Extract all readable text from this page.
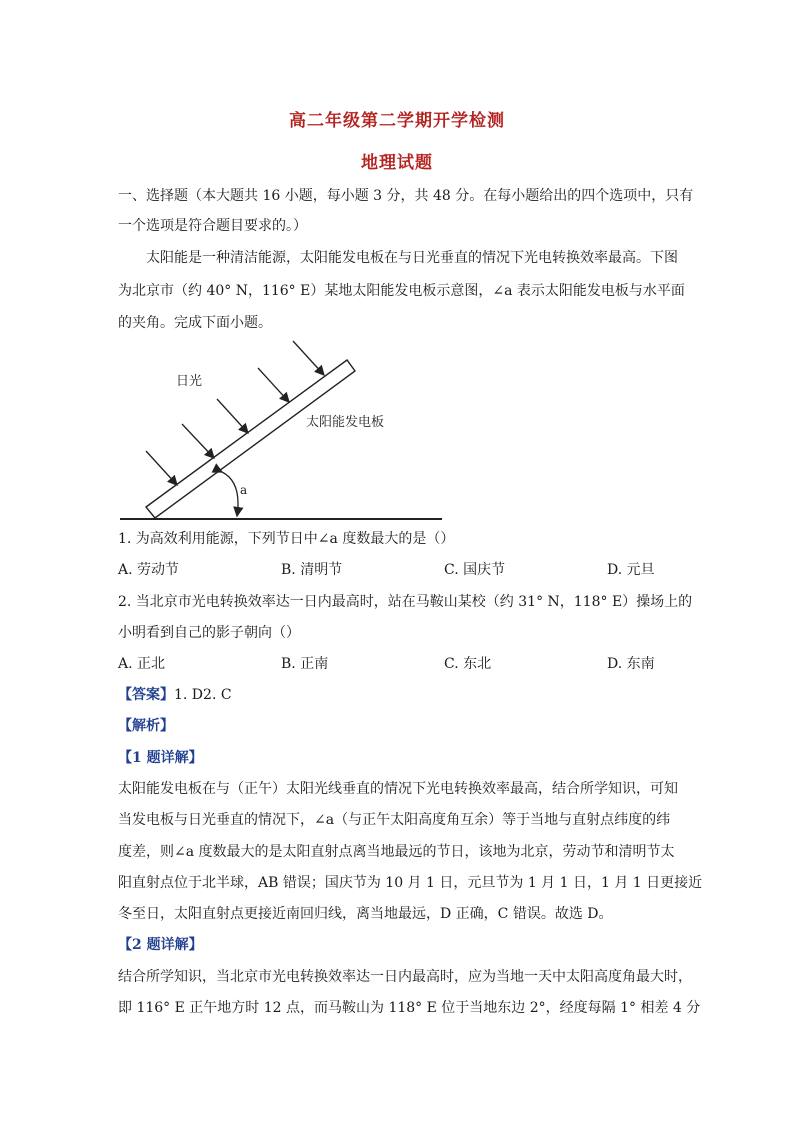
高二年级第二学期开学检测
地理试题
一、选择题（本大题共 16 小题，每小题 3 分，共 48 分。在每小题给出的四个选项中，只有
一个选项是符合题目要求的。）
太阳能是一种清洁能源，太阳能发电板在与日光垂直的情况下光电转换效率最高。下图
为北京市（约 40° N，116° E）某地太阳能发电板示意图，∠a 表示太阳能发电板与水平面
的夹角。完成下面小题。
日光
太阳能发电板
a
1. 为高效利用能源，下列节日中∠a 度数最大的是（）
A. 劳动节	B. 清明节	C. 国庆节	D. 元旦
2. 当北京市光电转换效率达一日内最高时，站在马鞍山某校（约 31° N，118° E）操场上的
小明看到自己的影子朝向（）
A. 正北	B. 正南	C. 东北	D. 东南
【答案】1. D2. C
【解析】
【1 题详解】
太阳能发电板在与（正午）太阳光线垂直的情况下光电转换效率最高，结合所学知识，可知
当发电板与日光垂直的情况下，∠a（与正午太阳高度角互余）等于当地与直射点纬度的纬
度差，则∠a 度数最大的是太阳直射点离当地最远的节日，该地为北京，劳动节和清明节太
阳直射点位于北半球，AB 错误；国庆节为 10 月 1 日，元旦节为 1 月 1 日，1 月 1 日更接近
冬至日，太阳直射点更接近南回归线，离当地最远，D 正确，C 错误。故选 D。
【2 题详解】
结合所学知识，当北京市光电转换效率达一日内最高时，应为当地一天中太阳高度角最大时，
即 116° E 正午地方时 12 点，而马鞍山为 118° E 位于当地东边 2°，经度每隔 1° 相差 4 分
